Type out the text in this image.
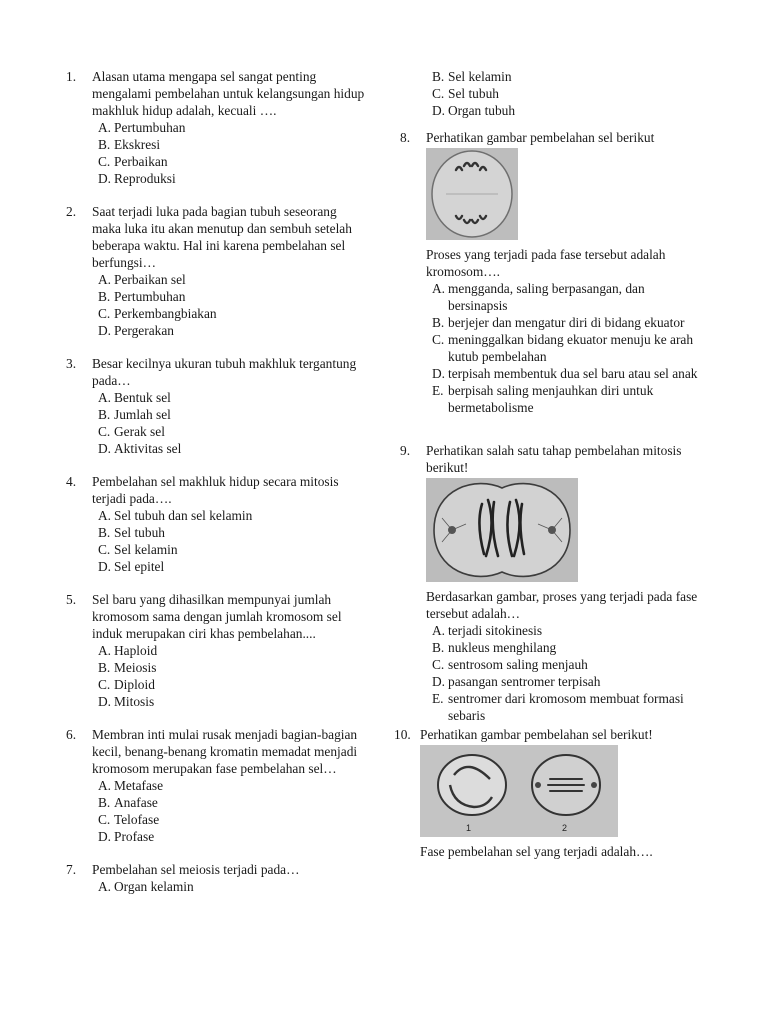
1. Alasan utama mengapa sel sangat penting mengalami pembelahan untuk kelangsungan hidup makhluk hidup adalah, kecuali ….
A. Pertumbuhan
B. Ekskresi
C. Perbaikan
D. Reproduksi
2. Saat terjadi luka pada bagian tubuh seseorang maka luka itu akan menutup dan sembuh setelah beberapa waktu. Hal ini karena pembelahan sel berfungsi…
A. Perbaikan sel
B. Pertumbuhan
C. Perkembangbiakan
D. Pergerakan
3. Besar kecilnya ukuran tubuh makhluk tergantung pada…
A. Bentuk sel
B. Jumlah sel
C. Gerak sel
D. Aktivitas sel
4. Pembelahan sel makhluk hidup secara mitosis terjadi pada….
A. Sel tubuh dan sel kelamin
B. Sel tubuh
C. Sel kelamin
D. Sel epitel
5. Sel baru yang dihasilkan mempunyai jumlah kromosom sama dengan jumlah kromosom sel induk merupakan ciri khas pembelahan....
A. Haploid
B. Meiosis
C. Diploid
D. Mitosis
6. Membran inti mulai rusak menjadi bagian-bagian kecil, benang-benang kromatin memadat menjadi kromosom merupakan fase pembelahan sel…
A. Metafase
B. Anafase
C. Telofase
D. Profase
7. Pembelahan sel meiosis terjadi pada…
A. Organ kelamin
B. Sel kelamin
C. Sel tubuh
D. Organ tubuh
8. Perhatikan gambar pembelahan sel berikut
Proses yang terjadi pada fase tersebut adalah kromosom….
A. mengganda, saling berpasangan, dan bersinapsis
B. berjejer dan mengatur diri di bidang ekuator
C. meninggalkan bidang ekuator menuju ke arah kutub pembelahan
D. terpisah membentuk dua sel baru atau sel anak
E. berpisah saling menjauhkan diri untuk bermetabolisme
9. Perhatikan salah satu tahap pembelahan mitosis berikut!
Berdasarkan gambar, proses yang terjadi pada fase tersebut adalah…
A. terjadi sitokinesis
B. nukleus menghilang
C. sentrosom saling menjauh
D. pasangan sentromer terpisah
E. sentromer dari kromosom membuat formasi sebaris
10. Perhatikan gambar pembelahan sel berikut!
1	2
Fase pembelahan sel yang terjadi adalah….
